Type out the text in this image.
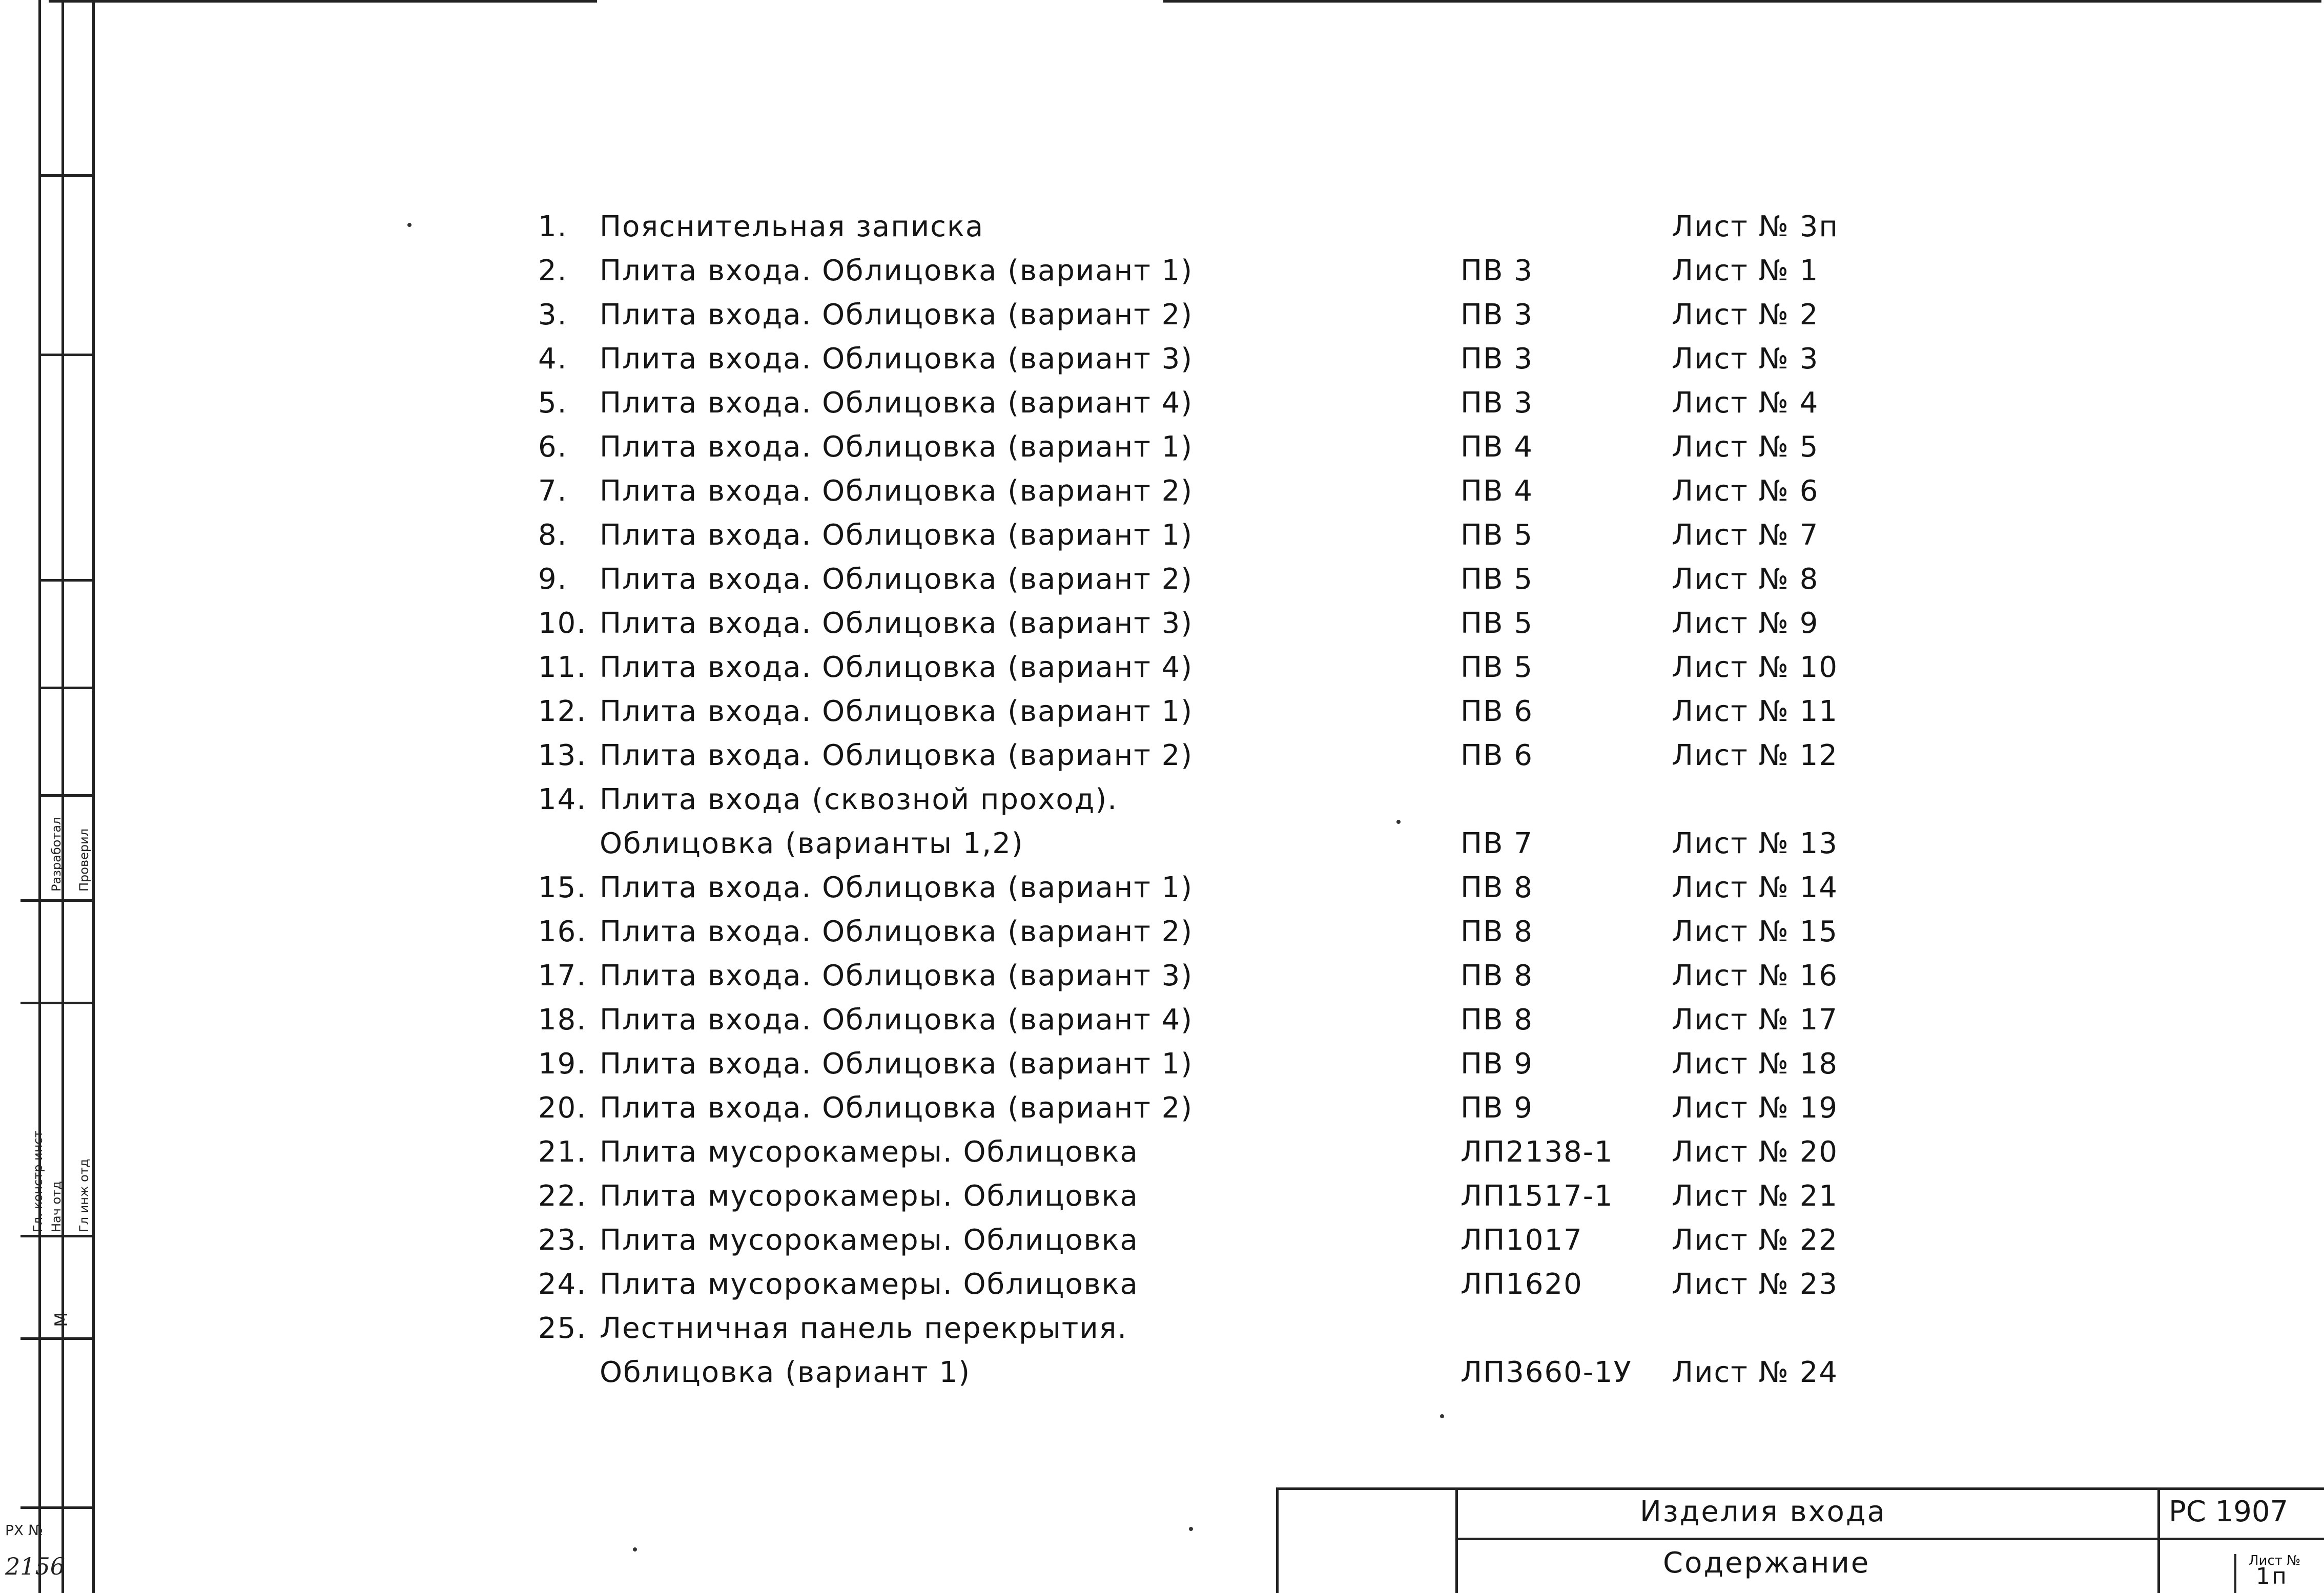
Гл. констр инст Нач отд Гл инж отд
Разработал Проверил
M
РХ №
2156
1. Пояснительная записка	Лист № 3п
2. Плита входа. Облицовка (вариант 1)	ПВ 3	Лист № 1
3. Плита входа. Облицовка (вариант 2)	ПВ 3	Лист № 2
4. Плита входа. Облицовка (вариант 3)	ПВ 3	Лист № 3
5. Плита входа. Облицовка (вариант 4)	ПВ 3	Лист № 4
6. Плита входа. Облицовка (вариант 1)	ПВ 4	Лист № 5
7. Плита входа. Облицовка (вариант 2)	ПВ 4	Лист № 6
8. Плита входа. Облицовка (вариант 1)	ПВ 5	Лист № 7
9. Плита входа. Облицовка (вариант 2)	ПВ 5	Лист № 8
10. Плита входа. Облицовка (вариант 3)	ПВ 5	Лист № 9
11. Плита входа. Облицовка (вариант 4)	ПВ 5	Лист № 10
12. Плита входа. Облицовка (вариант 1)	ПВ 6	Лист № 11
13. Плита входа. Облицовка (вариант 2)	ПВ 6	Лист № 12
14. Плита входа (сквозной проход).
Облицовка (варианты 1,2)	ПВ 7	Лист № 13
15. Плита входа. Облицовка (вариант 1)	ПВ 8	Лист № 14
16. Плита входа. Облицовка (вариант 2)	ПВ 8	Лист № 15
17. Плита входа. Облицовка (вариант 3)	ПВ 8	Лист № 16
18. Плита входа. Облицовка (вариант 4)	ПВ 8	Лист № 17
19. Плита входа. Облицовка (вариант 1)	ПВ 9	Лист № 18
20. Плита входа. Облицовка (вариант 2)	ПВ 9	Лист № 19
21. Плита мусорокамеры. Облицовка	ЛП2138-1 Лист № 20
22. Плита мусорокамеры. Облицовка	ЛП1517-1 Лист № 21
23. Плита мусорокамеры. Облицовка	ЛП1017	Лист № 22
24. Плита мусорокамеры. Облицовка	ЛП1620	Лист № 23
25. Лестничная панель перекрытия.
Облицовка (вариант 1)	ЛП3660-1У Лист № 24
Изделия входа
Содержание
РС 1907
Лист №
1п
